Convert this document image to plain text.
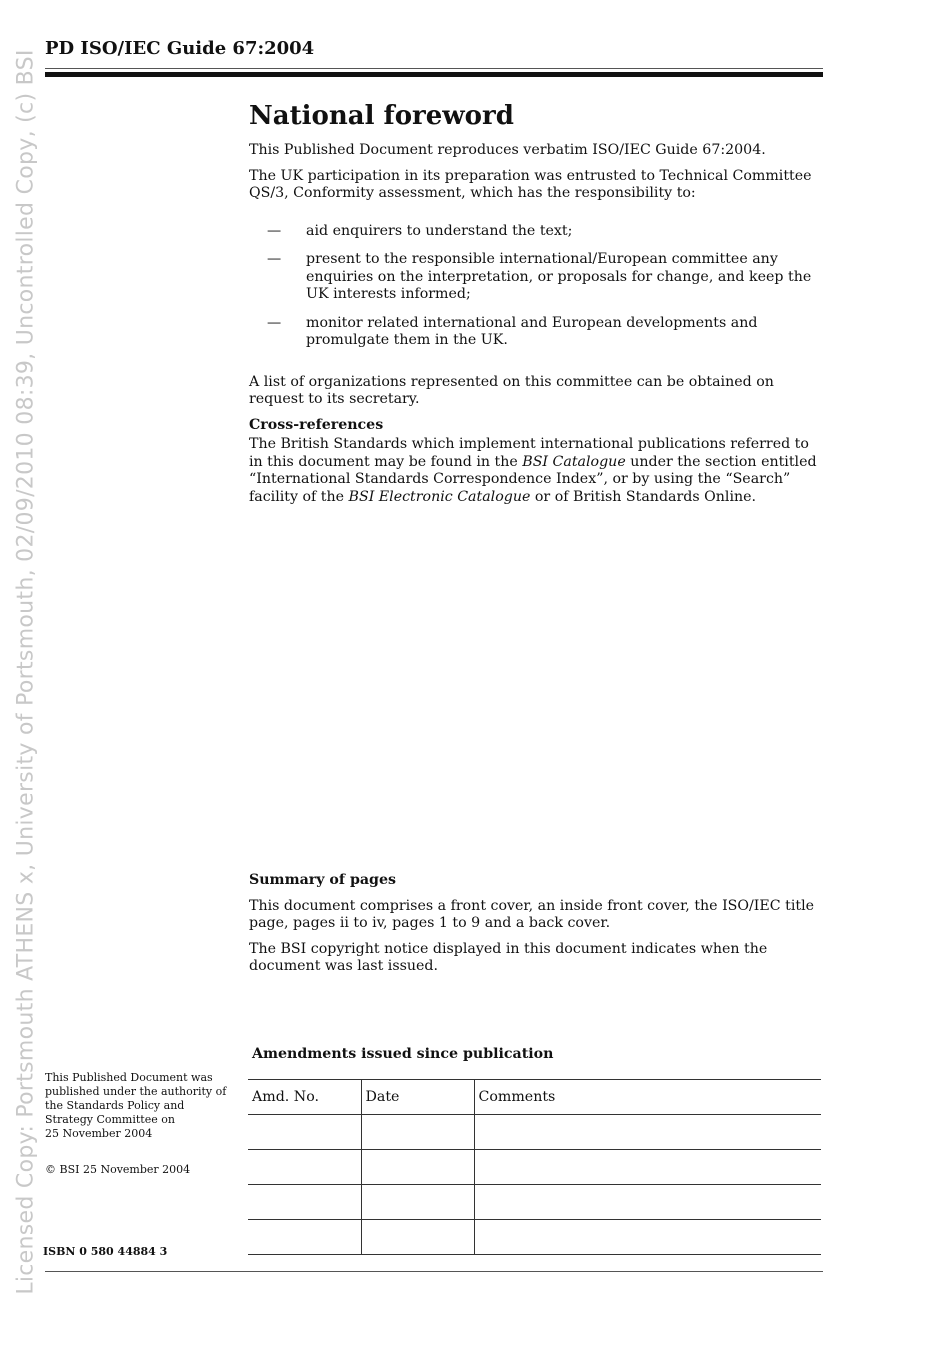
Licensed Copy: Portsmouth ATHENS x, University of Portsmouth, 02/09/2010 08:39, Uncontrolled Copy, (c) BSI
PD ISO/IEC Guide 67:2004
National foreword

This Published Document reproduces verbatim ISO/IEC Guide 67:2004.

The UK participation in its preparation was entrusted to Technical Committee QS/3, Conformity assessment, which has the responsibility to:

— aid enquirers to understand the text;
— present to the responsible international/European committee any enquiries on the interpretation, or proposals for change, and keep the UK interests informed;
— monitor related international and European developments and promulgate them in the UK.

A list of organizations represented on this committee can be obtained on request to its secretary.

Cross-references

The British Standards which implement international publications referred to in this document may be found in the BSI Catalogue under the section entitled “International Standards Correspondence Index”, or by using the “Search” facility of the BSI Electronic Catalogue or of British Standards Online.

Summary of pages

This document comprises a front cover, an inside front cover, the ISO/IEC title page, pages ii to iv, pages 1 to 9 and a back cover.

The BSI copyright notice displayed in this document indicates when the document was last issued.

Amendments issued since publication
Amd. No.	Date	Comments

This Published Document was published under the authority of the Standards Policy and Strategy Committee on

25 November 2004

© BSI 25 November 2004
ISBN 0 580 44884 3
